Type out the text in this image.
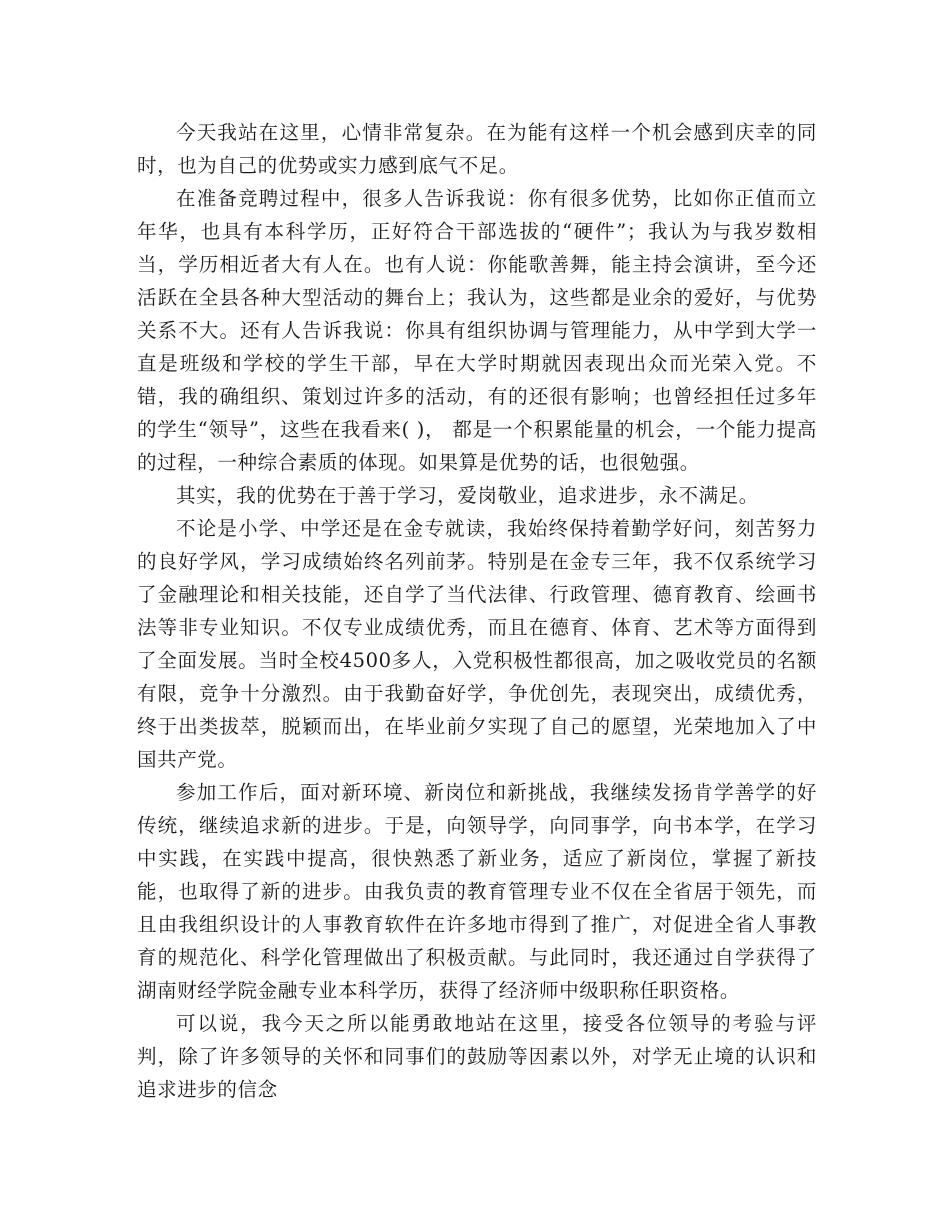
今天我站在这里，心情非常复杂。在为能有这样一个机会感到庆幸的同时，也为自己的优势或实力感到底气不足。

在准备竞聘过程中，很多人告诉我说：你有很多优势，比如你正值而立年华，也具有本科学历，正好符合干部选拔的“硬件”；我认为与我岁数相当，学历相近者大有人在。也有人说：你能歌善舞，能主持会演讲，至今还活跃在全县各种大型活动的舞台上；我认为，这些都是业余的爱好，与优势关系不大。还有人告诉我说：你具有组织协调与管理能力，从中学到大学一直是班级和学校的学生干部，早在大学时期就因表现出众而光荣入党。不错，我的确组织、策划过许多的活动，有的还很有影响；也曾经担任过多年的学生“领导”，这些在我看来( )， 都是一个积累能量的机会，一个能力提高的过程，一种综合素质的体现。如果算是优势的话，也很勉强。

其实，我的优势在于善于学习，爱岗敬业，追求进步，永不满足。

不论是小学、中学还是在金专就读，我始终保持着勤学好问，刻苦努力的良好学风，学习成绩始终名列前茅。特别是在金专三年，我不仅系统学习了金融理论和相关技能，还自学了当代法律、行政管理、德育教育、绘画书法等非专业知识。不仅专业成绩优秀，而且在德育、体育、艺术等方面得到了全面发展。当时全校4500多人，入党积极性都很高，加之吸收党员的名额有限，竞争十分激烈。由于我勤奋好学，争优创先，表现突出，成绩优秀，终于出类拔萃，脱颖而出，在毕业前夕实现了自己的愿望，光荣地加入了中国共产党。

参加工作后，面对新环境、新岗位和新挑战，我继续发扬肯学善学的好传统，继续追求新的进步。于是，向领导学，向同事学，向书本学，在学习中实践，在实践中提高，很快熟悉了新业务，适应了新岗位，掌握了新技能，也取得了新的进步。由我负责的教育管理专业不仅在全省居于领先，而且由我组织设计的人事教育软件在许多地市得到了推广，对促进全省人事教育的规范化、科学化管理做出了积极贡献。与此同时，我还通过自学获得了湖南财经学院金融专业本科学历，获得了经济师中级职称任职资格。

可以说，我今天之所以能勇敢地站在这里，接受各位领导的考验与评判，除了许多领导的关怀和同事们的鼓励等因素以外，对学无止境的认识和追求进步的信念
